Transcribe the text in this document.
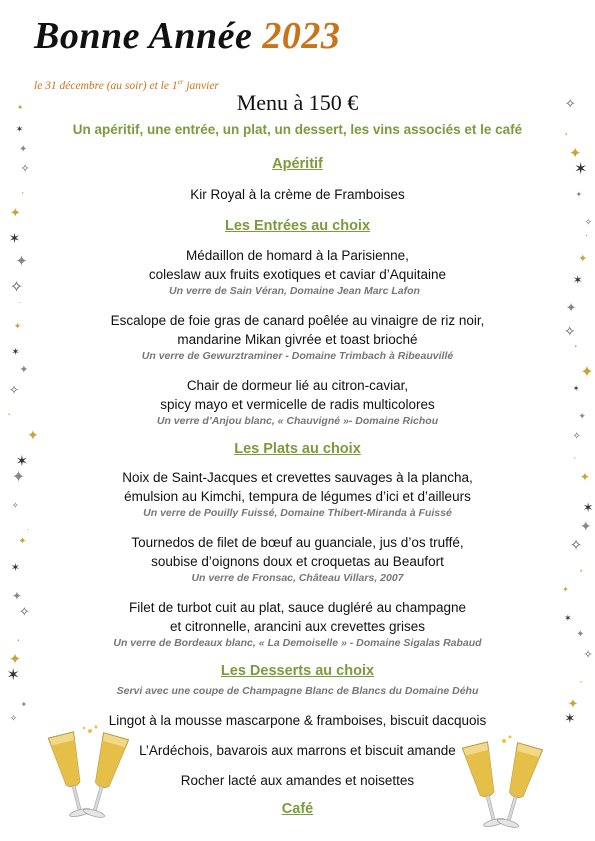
Bonne Année 2023
le 31 décembre (au soir) et le 1er janvier
Menu à 150 €
Un apéritif, une entrée, un plat, un dessert, les vins associés et le café
Apéritif
Kir Royal à la crème de Framboises
Les Entrées au choix
Médaillon de homard à la Parisienne,
coleslaw aux fruits exotiques et caviar d’Aquitaine
Un verre de Sain Véran, Domaine Jean Marc Lafon
Escalope de foie gras de canard poêlée au vinaigre de riz noir,
mandarine Mikan givrée et toast brioché
Un verre de Gewurztraminer - Domaine Trimbach à Ribeauvillé
Chair de dormeur lié au citron-caviar,
spicy mayo et vermicelle de radis multicolores
Un verre d’Anjou blanc, « Chauvigné »- Domaine Richou
Les Plats au choix
Noix de Saint-Jacques et crevettes sauvages à la plancha,
émulsion au Kimchi, tempura de légumes d’ici et d’ailleurs
Un verre de Pouilly Fuissé, Domaine Thibert-Miranda à Fuissé
Tournedos de filet de bœuf au guanciale, jus d’os truffé,
soubise d’oignons doux et croquetas au Beaufort
Un verre de Fronsac, Château Villars, 2007
Filet de turbot cuit au plat, sauce dugléré au champagne
et citronnelle, arancini aux crevettes grises
Un verre de Bordeaux blanc, « La Demoiselle » - Domaine Sigalas Rabaud
Les Desserts au choix
Servi avec une coupe de Champagne Blanc de Blancs du Domaine Déhu
Lingot à la mousse mascarpone & framboises, biscuit dacquois
L’Ardéchois, bavarois aux marrons et biscuit amande
Rocher lacté aux amandes et noisettes
Café
✦	✧
✶	·
✦	✦
✧	✶
·	✦
✦
✧
✶	·
✦	✦
✧	✶
·	✦
✦	✧
✶	·
✦	✦
✧	✶
·	✦
✦	✧
✶	·
✦	✦
✧	✶
·	✦
✦	✧
✶	·
✦	✦
✧	✶
·	✦
✦	✧
✶	·
✦	✦
✧	✶
